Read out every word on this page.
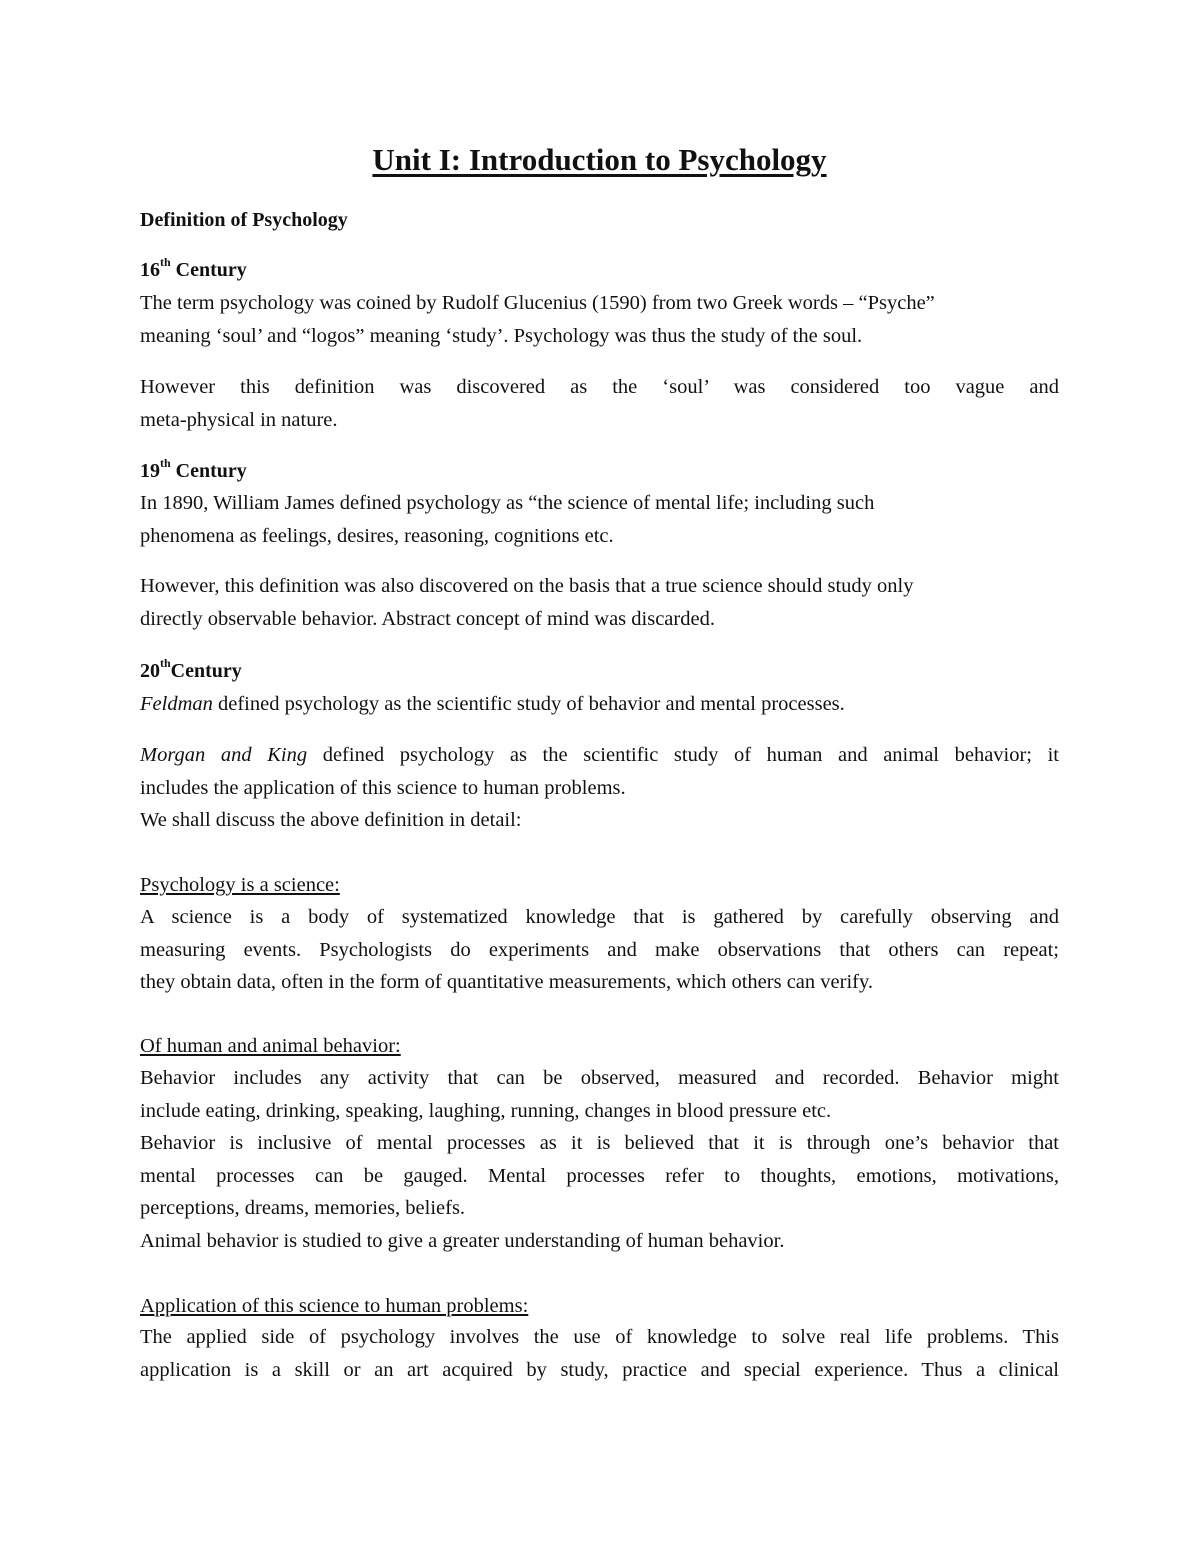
Unit I: Introduction to Psychology

Definition of Psychology

16th Century

The term psychology was coined by Rudolf Glucenius (1590) from two Greek words – “Psyche”
meaning ‘soul’ and “logos” meaning ‘study’. Psychology was thus the study of the soul.
However this definition was discovered as the ‘soul’ was considered too vague and
meta-physical in nature.

19th Century

In 1890, William James defined psychology as “the science of mental life; including such
phenomena as feelings, desires, reasoning, cognitions etc.
However, this definition was also discovered on the basis that a true science should study only
directly observable behavior. Abstract concept of mind was discarded.

20thCentury

Feldman defined psychology as the scientific study of behavior and mental processes.
Morgan and King defined psychology as the scientific study of human and animal behavior; it
includes the application of this science to human problems.
We shall discuss the above definition in detail:

Psychology is a science:

A science is a body of systematized knowledge that is gathered by carefully observing and
measuring events. Psychologists do experiments and make observations that others can repeat;
they obtain data, often in the form of quantitative measurements, which others can verify.

Of human and animal behavior:

Behavior includes any activity that can be observed, measured and recorded. Behavior might
include eating, drinking, speaking, laughing, running, changes in blood pressure etc.
Behavior is inclusive of mental processes as it is believed that it is through one’s behavior that
mental processes can be gauged. Mental processes refer to thoughts, emotions, motivations,
perceptions, dreams, memories, beliefs.
Animal behavior is studied to give a greater understanding of human behavior.

Application of this science to human problems:

The applied side of psychology involves the use of knowledge to solve real life problems. This
application is a skill or an art acquired by study, practice and special experience. Thus a clinical
